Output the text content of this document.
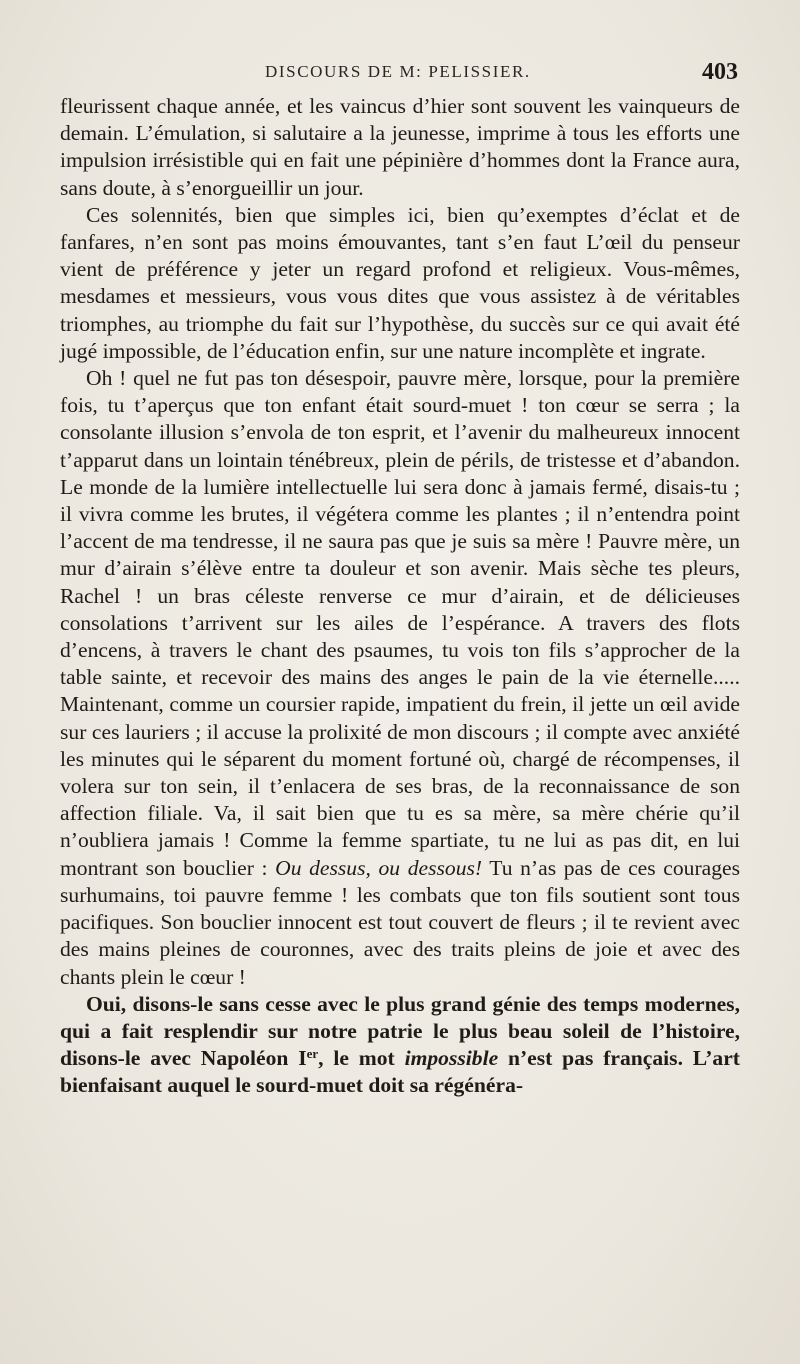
DISCOURS DE M: PELISSIER.	403

fleurissent chaque année, et les vaincus d’hier sont souvent les vainqueurs de demain. L’émulation, si salutaire a la jeunesse, imprime à tous les efforts une impulsion irrésistible qui en fait une pépinière d’hommes dont la France aura, sans doute, à s’enorgueillir un jour.

Ces solennités, bien que simples ici, bien qu’exemptes d’éclat et de fanfares, n’en sont pas moins émouvantes, tant s’en faut L’œil du penseur vient de préférence y jeter un regard profond et religieux. Vous-mêmes, mesdames et messieurs, vous vous dites que vous assistez à de véritables triomphes, au triomphe du fait sur l’hypothèse, du succès sur ce qui avait été jugé impossible, de l’éducation enfin, sur une nature incomplète et ingrate.

Oh ! quel ne fut pas ton désespoir, pauvre mère, lorsque, pour la première fois, tu t’aperçus que ton enfant était sourd-muet ! ton cœur se serra ; la consolante illusion s’envola de ton esprit, et l’avenir du malheureux innocent t’apparut dans un lointain ténébreux, plein de périls, de tristesse et d’abandon. Le monde de la lumière intellectuelle lui sera donc à jamais fermé, disais-tu ; il vivra comme les brutes, il végétera comme les plantes ; il n’entendra point l’accent de ma tendresse, il ne saura pas que je suis sa mère ! Pauvre mère, un mur d’airain s’élève entre ta douleur et son avenir. Mais sèche tes pleurs, Rachel ! un bras céleste renverse ce mur d’airain, et de délicieuses consolations t’arrivent sur les ailes de l’espérance. A travers des flots d’encens, à travers le chant des psaumes, tu vois ton fils s’approcher de la table sainte, et recevoir des mains des anges le pain de la vie éternelle..... Maintenant, comme un coursier rapide, impatient du frein, il jette un œil avide sur ces lauriers ; il accuse la prolixité de mon discours ; il compte avec anxiété les minutes qui le séparent du moment fortuné où, chargé de récompenses, il volera sur ton sein, il t’enlacera de ses bras, de la reconnaissance de son affection filiale. Va, il sait bien que tu es sa mère, sa mère chérie qu’il n’oubliera jamais ! Comme la femme spartiate, tu ne lui as pas dit, en lui montrant son bouclier : Ou dessus, ou dessous! Tu n’as pas de ces courages surhumains, toi pauvre femme ! les combats que ton fils soutient sont tous pacifiques. Son bouclier innocent est tout couvert de fleurs ; il te revient avec des mains pleines de couronnes, avec des traits pleins de joie et avec des chants plein le cœur !

Oui, disons-le sans cesse avec le plus grand génie des temps modernes, qui a fait resplendir sur notre patrie le plus beau soleil de l’histoire, disons-le avec Napoléon Ier, le mot impossible n’est pas français. L’art bienfaisant auquel le sourd-muet doit sa régénéra-
